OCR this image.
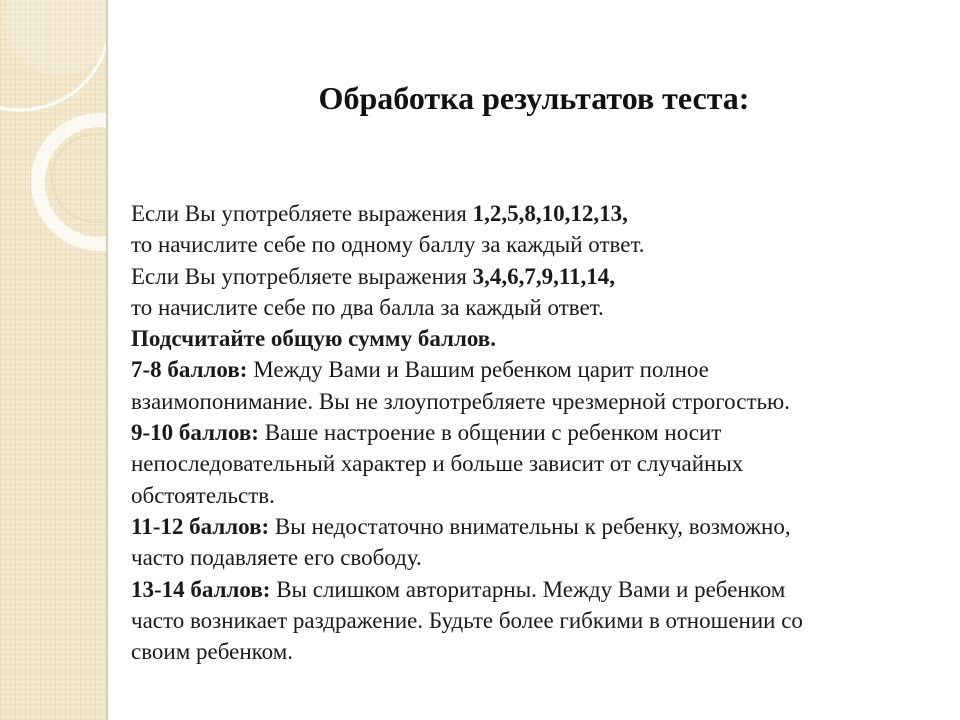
Обработка результатов теста:
Если Вы употребляете выражения 1,2,5,8,10,12,13,
то начислите себе по одному баллу за каждый ответ.
Если Вы употребляете выражения 3,4,6,7,9,11,14,
то начислите себе по два балла за каждый ответ.
Подсчитайте общую сумму баллов.
7-8 баллов: Между Вами и Вашим ребенком царит полное
взаимопонимание. Вы не злоупотребляете чрезмерной строгостью.
9-10 баллов: Ваше настроение в общении с ребенком носит
непоследовательный характер и больше зависит от случайных
обстоятельств.
11-12 баллов: Вы недостаточно внимательны к ребенку, возможно,
часто подавляете его свободу.
13-14 баллов: Вы слишком авторитарны. Между Вами и ребенком
часто возникает раздражение. Будьте более гибкими в отношении со
своим ребенком.
